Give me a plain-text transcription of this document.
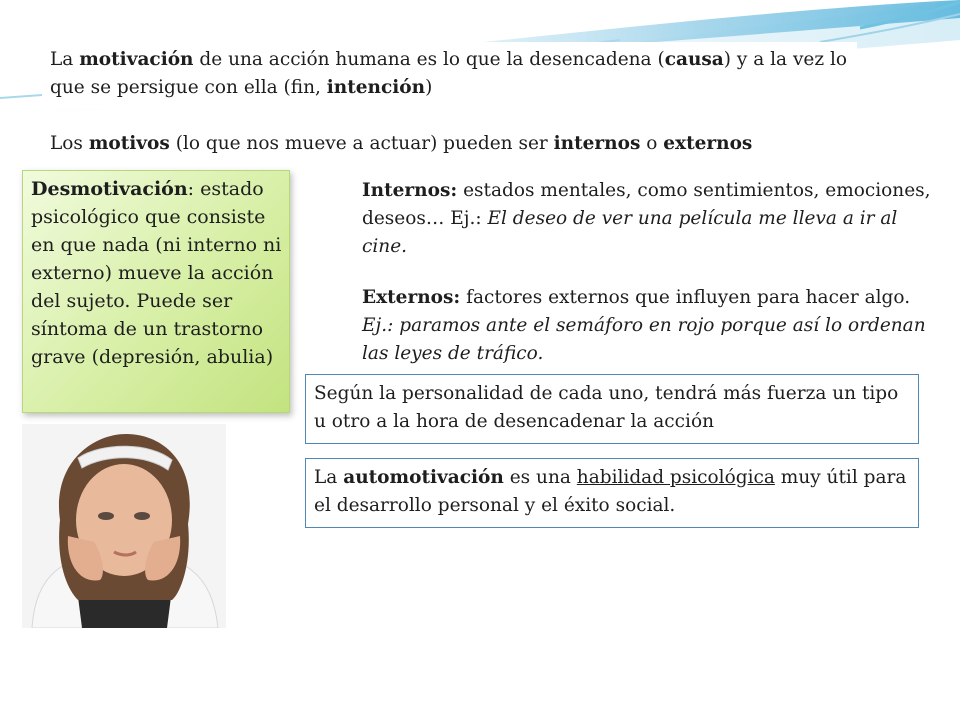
La motivación de una acción humana es lo que la desencadena (causa) y a la vez lo que se persigue con ella (fin, intención)
Los motivos (lo que nos mueve a actuar) pueden ser internos o externos
Desmotivación: estado psicológico que consiste en que nada (ni interno ni externo) mueve la acción del sujeto. Puede ser síntoma de un trastorno grave (depresión, abulia)
Internos: estados mentales, como sentimientos, emociones, deseos… Ej.: El deseo de ver una película me lleva a ir al cine.
Externos: factores externos que influyen para hacer algo. Ej.: paramos ante el semáforo en rojo porque así lo ordenan las leyes de tráfico.
Según la personalidad de cada uno, tendrá más fuerza un tipo u otro a la hora de desencadenar la acción
La automotivación es una habilidad psicológica muy útil para el desarrollo personal y el éxito social.
